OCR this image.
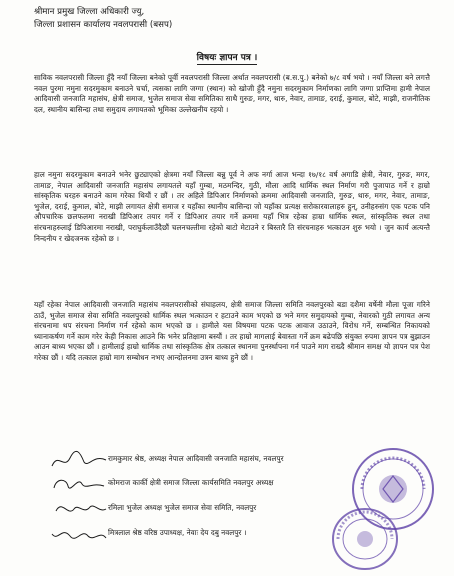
श्रीमान प्रमुख जिल्ला अधिकारी ज्यु,
जिल्ला प्रशासन कार्यालय नवलपरासी (बसप)
विषयः ज्ञापन पत्र ।
साविक नवलपरासी जिल्ला हुँदै नयाँ जिल्ला बनेको पूर्वी नवलपरासी जिल्ला अर्थात नवलपरासी (ब.स.पु.) बनेको ७/८ वर्ष भयो । नयाँ जिल्ला बने लगत्तै नवल पुरमा नमुना सदरमुकाम बनाउने चर्चा, त्यसका लागि जग्गा (स्थान) को खोजी हुँदै नमुना सदरमुकाम निर्माणका लागि जग्गा प्राप्तिमा हामी नेपाल आदिवासी जनजाति महासंघ, क्षेत्री समाज, भुजेल समाज सेवा समितिका साथै गुरुङ, मगर, थारु, नेवार, तामाङ, दराई, कुमाल, बोटे, माझी, राजनीतिक दल, स्थानीय बासिन्दा तथा समुदाय लगायतको भूमिका उल्लेखनीय रहयो ।
हाल नमुना सदरमुकाम बनाउने भनेर छुट्याएको क्षेत्रमा नयाँ जिल्ला बन्नु पूर्व ने अफ नर्गा आज भन्दा १७/१८ वर्ष अगाडि क्षेत्री, नेवार, गुरुङ, मगर, तामाङ, नेपाल आदिवासी जनजाति महासंघ लगायतले यहाँ गुम्बा, मठमन्दिर, गुठी, मौला आदि धार्मिक स्थल निर्माण गरी पुजापाठ गर्ने र हाम्रो सांस्कृतिक घरहरु बनाउने काम गरेका थियौं र छौं । तर अहिले डिपिआर निर्माणको क्रममा आदिवासी जनजाति, गुरुङ, थारु, मगर, नेवार, तामाङ, भुजेल, दराई, कुमाल, बोटे, माझी लगायत क्षेत्री समाज र यहाँका स्थानीय बासिन्दा जो यहाँका प्रत्यक्ष सरोकारवालाहरु हुन्, उनीहरुसंग एक पटक पनि औपचारिक छलफलमा नराखी डिपिआर तयार गर्ने र डिपिआर तयार गर्ने क्रममा यहाँ भित्र रहेका हाम्रा धार्मिक स्थल, सांस्कृतिक स्थल तथा संरचनाहरुलाई डिपिआरमा नराखी, पराघुर्कलाउँदैछौं चलनचल्तीमा रहेको बाटो मेटाउने र बिस्तारै ति संरचनाहरु भत्काउन शुरु भयो । जुन कार्य अत्यन्तै निन्दनीय र खेदजनक रहेको छ ।
यहाँ रहेका नेपाल आदिवासी जनजाति महासंघ नवलपरासीको संघाहलय, क्षेत्री समाज जिल्ला समिति नवलपुरको बडा दशैमा वर्षेनी मौला पूजा गरिने ठाउँ, भुजेल समाज सेवा समिति नवलपुरको धार्मिक स्थल भत्काउन र हटाउने काम भएको छ भने मगर समुदायको गुम्बा, नेवारको गुठी लगायत अन्य संरचनामा थप संरचना निर्माण गर्न रहेको काम भएको छ । हामीले यस विषयमा पटक पटक आवाज उठाउने, विरोध गर्ने, सम्बन्धित निकायको ध्यानाकर्षण गर्ने काम गरेर केही निकास आउने कि भनेर प्रतिक्षामा बस्यौं । तर हाम्रो मागलाई बेवास्ता गर्ने क्रम बढेपछि संयुक्त रुपमा ज्ञापन पत्र बुझाउन आउन बाध्य भएका छौं । हामीलाई हाम्रो धार्मिक तथा सांस्कृतिक क्षेत्र तत्काल स्थानमा पुनर्स्थापना गर्न पाउने माग राख्दै श्रीमान समक्ष यो ज्ञापन पत्र पेश गरेका छौं । यदि तत्काल हाम्रो माग सम्बोधन नभए आन्दोलनमा उत्रन बाध्य हुने छौं ।
रामकुमार श्रेष्ठ, अध्यक्ष नेपाल आदिवासी जनजाति महासंघ, नवलपुर
कोमराज कार्की क्षेत्री समाज जिल्ला कार्यसमिति नवलपुर अध्यक्ष
रमिला भुजेल अध्यक्ष भुजेल समाज सेवा समिति, नवलपुर
मित्रलाल श्रेष्ठ वरिष्ठ उपाध्यक्ष, नेवाः देय दबु नवलपुर ।
